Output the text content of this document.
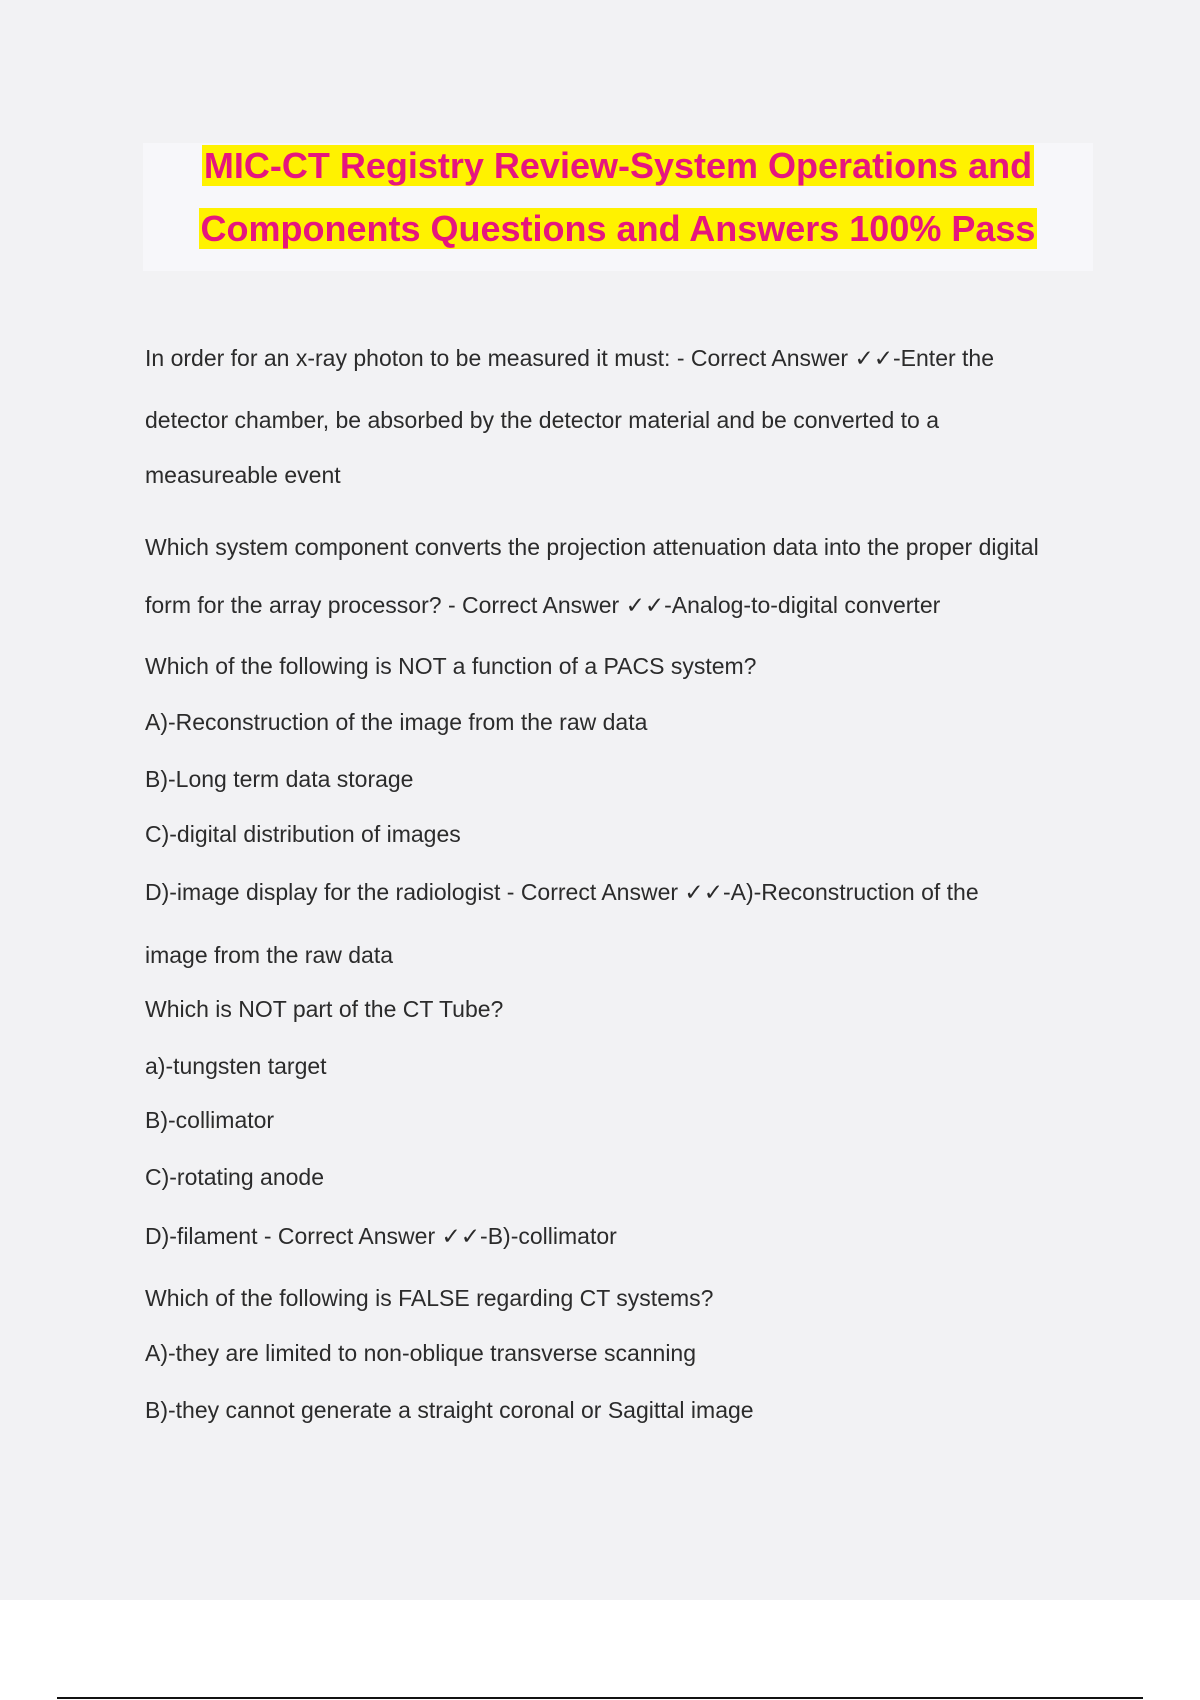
MIC-CT Registry Review-System Operations and
Components Questions and Answers 100% Pass
In order for an x-ray photon to be measured it must: - Correct Answer ✓✓-Enter the
detector chamber, be absorbed by the detector material and be converted to a
measureable event
Which system component converts the projection attenuation data into the proper digital
form for the array processor? - Correct Answer ✓✓-Analog-to-digital converter
Which of the following is NOT a function of a PACS system?
A)-Reconstruction of the image from the raw data
B)-Long term data storage
C)-digital distribution of images
D)-image display for the radiologist - Correct Answer ✓✓-A)-Reconstruction of the
image from the raw data
Which is NOT part of the CT Tube?
a)-tungsten target
B)-collimator
C)-rotating anode
D)-filament - Correct Answer ✓✓-B)-collimator
Which of the following is FALSE regarding CT systems?
A)-they are limited to non-oblique transverse scanning
B)-they cannot generate a straight coronal or Sagittal image
